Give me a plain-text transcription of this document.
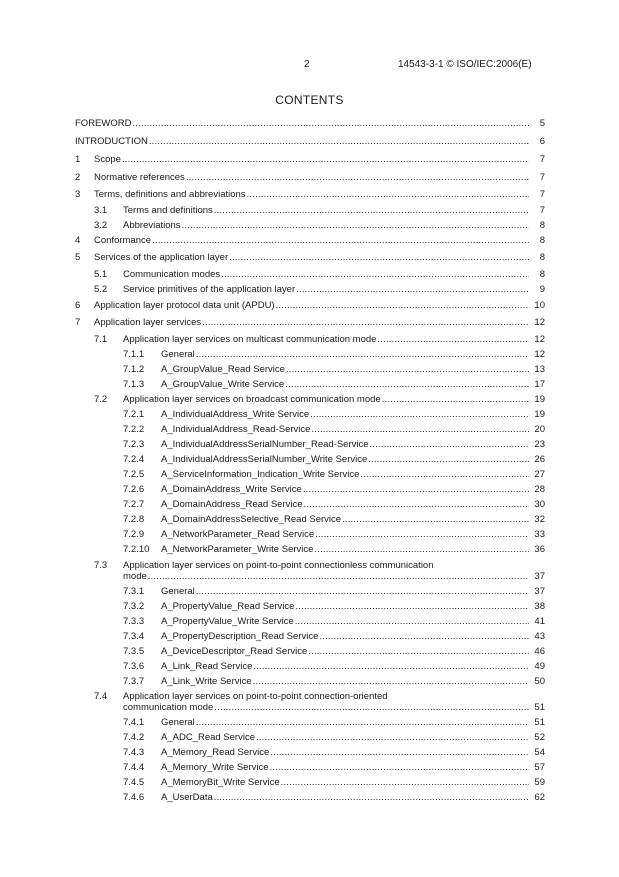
2	14543-3-1 © ISO/IEC:2006(E)
CONTENTS
FOREWORD .....	5
INTRODUCTION .....	6
1 Scope .....	7
2 Normative references .....	7
3 Terms, definitions and abbreviations .....	7
3.1 Terms and definitions .....	7
3.2 Abbreviations .....	8
4 Conformance .....	8
5 Services of the application layer .....	8
5.1 Communication modes .....	8
5.2 Service primitives of the application layer .....	9
6 Application layer protocol data unit (APDU) .....	10
7 Application layer services .....	12
7.1 Application layer services on multicast communication mode .....	12
7.1.1 General .....	12
7.1.2 A_GroupValue_Read Service .....	13
7.1.3 A_GroupValue_Write Service .....	17
7.2 Application layer services on broadcast communication mode .....	19
7.2.1 A_IndividualAddress_Write Service .....	19
7.2.2 A_IndividualAddress_Read-Service .....	20
7.2.3 A_IndividualAddressSerialNumber_Read-Service .....	23
7.2.4 A_IndividualAddressSerialNumber_Write Service .....	26
7.2.5 A_ServiceInformation_Indication_Write Service .....	27
7.2.6 A_DomainAddress_Write Service .....	28
7.2.7 A_DomainAddress_Read Service .....	30
7.2.8 A_DomainAddressSelective_Read Service .....	32
7.2.9 A_NetworkParameter_Read Service .....	33
7.2.10 A_NetworkParameter_Write Service .....	36
7.3 Application layer services on point-to-point connectionless communication
mode .....	37
7.3.1 General .....	37
7.3.2 A_PropertyValue_Read Service .....	38
7.3.3 A_PropertyValue_Write Service .....	41
7.3.4 A_PropertyDescription_Read Service .....	43
7.3.5 A_DeviceDescriptor_Read Service .....	46
7.3.6 A_Link_Read Service .....	49
7.3.7 A_Link_Write Service .....	50
7.4 Application layer services on point-to-point connection-oriented
communication mode .....	51
7.4.1 General .....	51
7.4.2 A_ADC_Read Service .....	52
7.4.3 A_Memory_Read Service .....	54
7.4.4 A_Memory_Write Service .....	57
7.4.5 A_MemoryBit_Write Service .....	59
7.4.6 A_UserData .....	62
